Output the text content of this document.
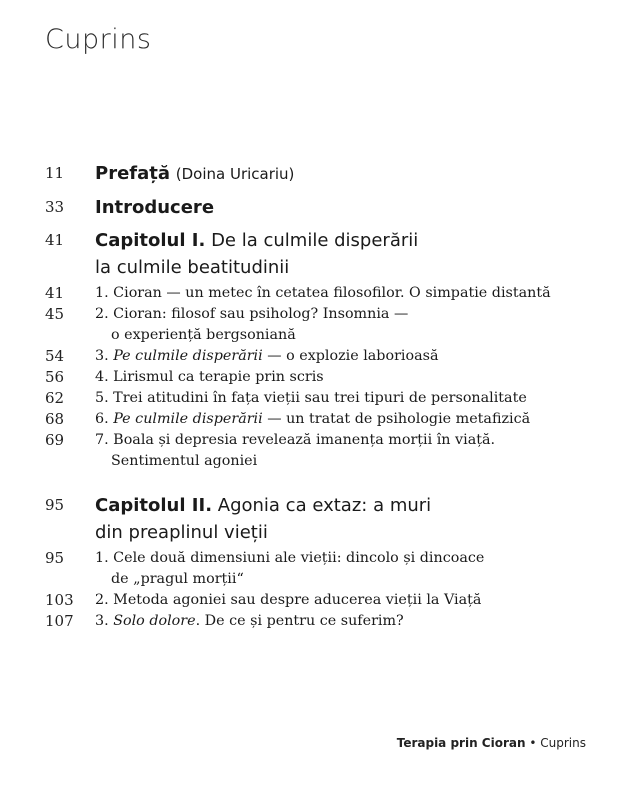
Cuprins
11	Prefață (Doina Uricariu)
33	Introducere
41	Capitolul I. De la culmile disperării
la culmile beatitudinii
41	1. Cioran — un metec în cetatea filosofilor. O simpatie distantă
45	2. Cioran: filosof sau psiholog? Insomnia —
o experiență bergsoniană
54	3. Pe culmile disperării — o explozie laborioasă
56	4. Lirismul ca terapie prin scris
62	5. Trei atitudini în fața vieții sau trei tipuri de personalitate
68	6. Pe culmile disperării — un tratat de psihologie metafizică
69	7. Boala și depresia revelează imanența morții în viață.
Sentimentul agoniei
95	Capitolul II. Agonia ca extaz: a muri
din preaplinul vieții
95	1. Cele două dimensiuni ale vieții: dincolo și dincoace
de „pragul morții“
103	2. Metoda agoniei sau despre aducerea vieții la Viață
107	3. Solo dolore. De ce și pentru ce suferim?
Terapia prin Cioran • Cuprins
